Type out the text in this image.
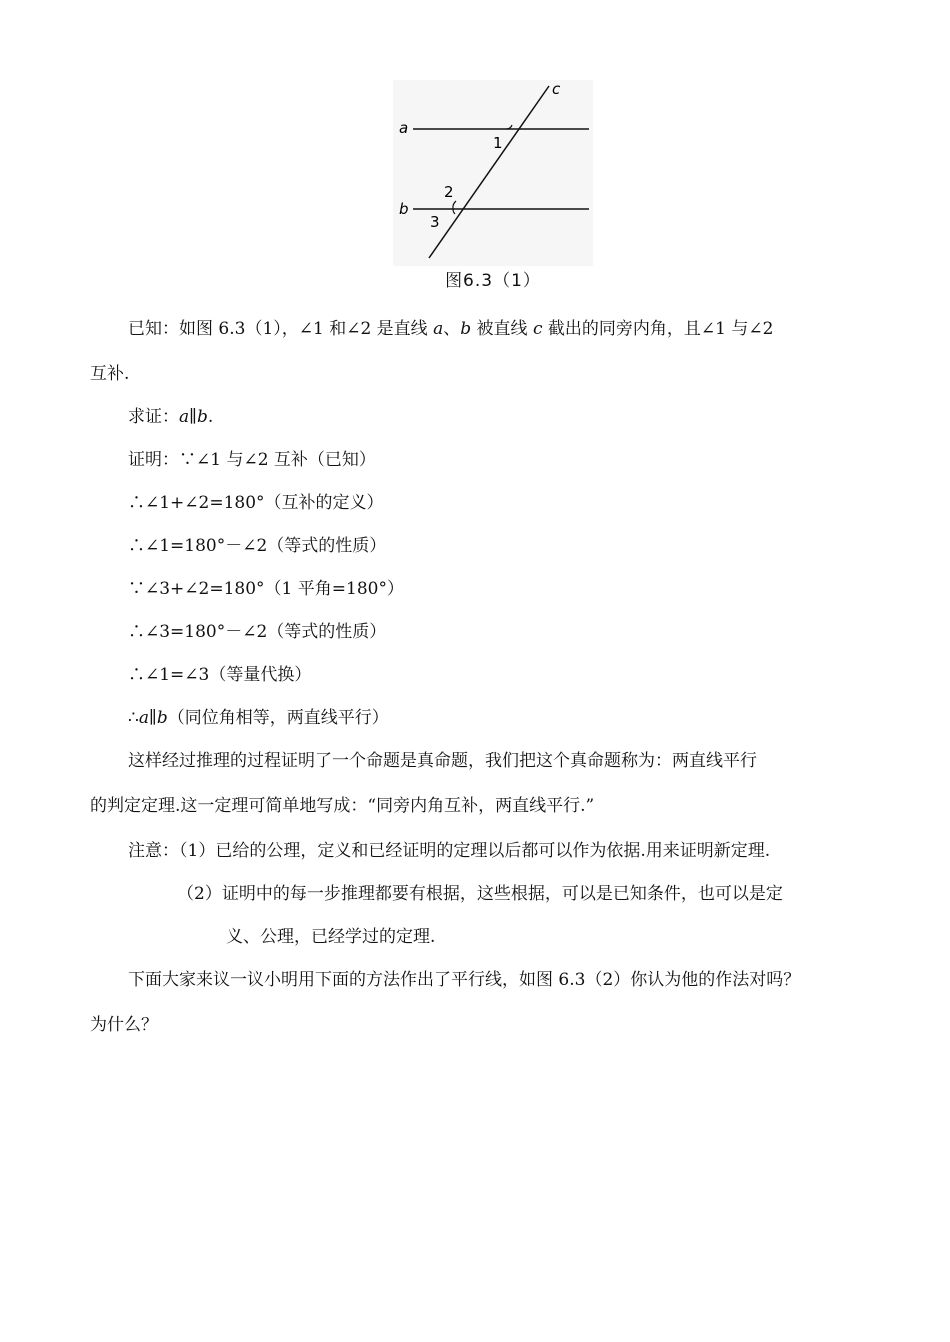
a
b
c
1
2
3
图6.3（1）
已知：如图 6.3（1），∠1 和∠2 是直线 a、b 被直线 c 截出的同旁内角，且∠1 与∠2
互补.
求证：a∥b.
证明：∵∠1 与∠2 互补（已知）
∴∠1+∠2=180°（互补的定义）
∴∠1=180°－∠2（等式的性质）
∵∠3+∠2=180°（1 平角=180°）
∴∠3=180°－∠2（等式的性质）
∴∠1=∠3（等量代换）
∴a∥b（同位角相等，两直线平行）
这样经过推理的过程证明了一个命题是真命题，我们把这个真命题称为：两直线平行
的判定定理.这一定理可简单地写成：“同旁内角互补，两直线平行.”
注意：（1）已给的公理，定义和已经证明的定理以后都可以作为依据.用来证明新定理.
（2）证明中的每一步推理都要有根据，这些根据，可以是已知条件，也可以是定
义、公理，已经学过的定理.
下面大家来议一议小明用下面的方法作出了平行线，如图 6.3（2）你认为他的作法对吗？
为什么？
